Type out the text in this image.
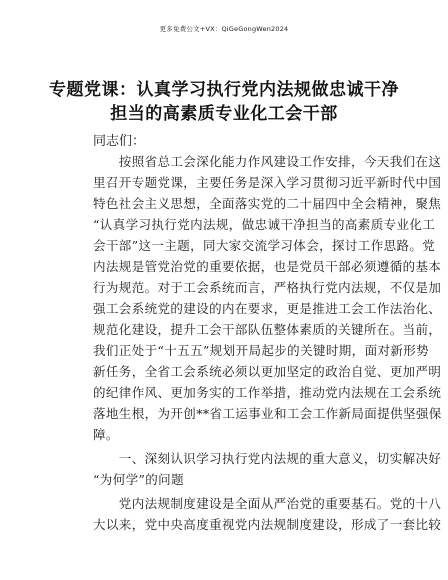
更多免费公文+VX：QiGeGongWen2024
专题党课：认真学习执行党内法规做忠诚干净
担当的高素质专业化工会干部
同志们：
　　按照省总工会深化能力作风建设工作安排，今天我们在这
里召开专题党课，主要任务是深入学习贯彻习近平新时代中国
特色社会主义思想，全面落实党的二十届四中全会精神，聚焦
“认真学习执行党内法规，做忠诚干净担当的高素质专业化工
会干部”这一主题，同大家交流学习体会，探讨工作思路。党
内法规是管党治党的重要依据，也是党员干部必须遵循的基本
行为规范。对于工会系统而言，严格执行党内法规，不仅是加
强工会系统党的建设的内在要求，更是推进工会工作法治化、
规范化建设，提升工会干部队伍整体素质的关键所在。当前，
我们正处于“十五五”规划开局起步的关键时期，面对新形势
新任务，全省工会系统必须以更加坚定的政治自觉、更加严明
的纪律作风、更加务实的工作举措，推动党内法规在工会系统
落地生根，为开创**省工运事业和工会工作新局面提供坚强保
障。
　　一、深刻认识学习执行党内法规的重大意义，切实解决好
“为何学”的问题
　　党内法规制度建设是全面从严治党的重要基石。党的十八
大以来，党中央高度重视党内法规制度建设，形成了一套比较
